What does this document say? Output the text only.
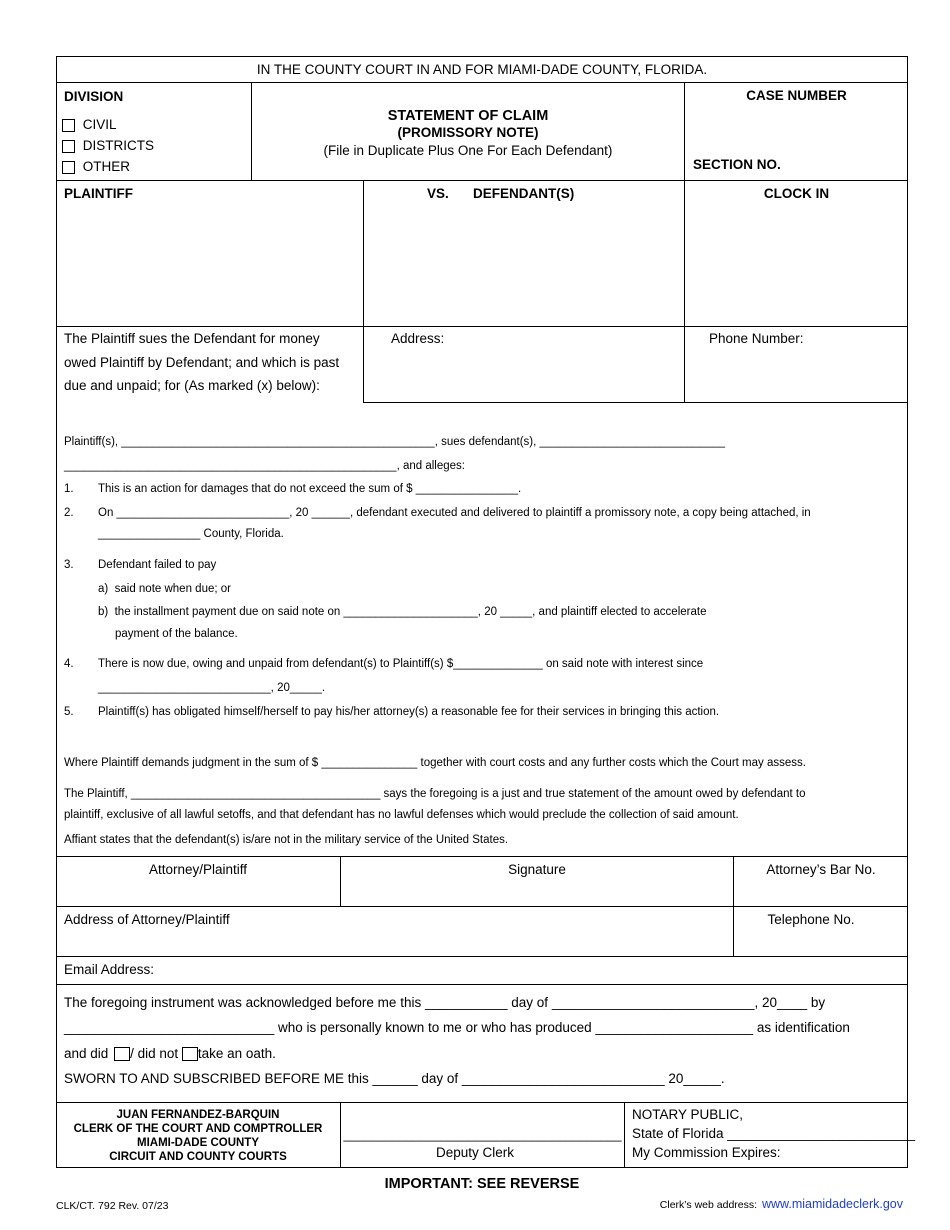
IN THE COUNTY COURT IN AND FOR MIAMI-DADE COUNTY, FLORIDA.
DIVISION
CIVIL
DISTRICTS
OTHER
STATEMENT OF CLAIM
(PROMISSORY NOTE)
(File in Duplicate Plus One For Each Defendant)
CASE NUMBER
SECTION NO.
PLAINTIFF	VS. DEFENDANT(S)	CLOCK IN
The Plaintiff sues the Defendant for money
owed Plaintiff by Defendant; and which is past
due and unpaid; for (As marked (x) below):
Address:	Phone Number:
Plaintiff(s), _________________________________________________, sues defendant(s), _____________________________
____________________________________________________, and alleges:
1. This is an action for damages that do not exceed the sum of $ ________________.
2. On ___________________________, 20 ______, defendant executed and delivered to plaintiff a promissory note, a copy being attached, in
________________ County, Florida.
3. Defendant failed to pay
a)  said note when due; or
b)  the installment payment due on said note on _____________________, 20 _____, and plaintiff elected to accelerate
payment of the balance.
4. There is now due, owing and unpaid from defendant(s) to Plaintiff(s) $______________ on said note with interest since
___________________________, 20_____.
5. Plaintiff(s) has obligated himself/herself to pay his/her attorney(s) a reasonable fee for their services in bringing this action.
Where Plaintiff demands judgment in the sum of $ _______________ together with court costs and any further costs which the Court may assess.
The Plaintiff, _______________________________________ says the foregoing is a just and true statement of the amount owed by defendant to
plaintiff, exclusive of all lawful setoffs, and that defendant has no lawful defenses which would preclude the collection of said amount.
Affiant states that the defendant(s) is/are not in the military service of the United States.
Attorney/Plaintiff	Signature	Attorney’s Bar No.
Address of Attorney/Plaintiff	Telephone No.
Email Address:
The foregoing instrument was acknowledged before me this ___________ day of ___________________________, 20____ by
____________________________ who is personally known to me or who has produced _____________________ as identification
and did / did not take an oath.
SWORN TO AND SUBSCRIBED BEFORE ME this ______ day of ___________________________ 20_____.
JUAN FERNANDEZ-BARQUIN
CLERK OF THE COURT AND COMPTROLLER
MIAMI-DADE COUNTY
CIRCUIT AND COUNTY COURTS
________________________________________
Deputy Clerk
NOTARY PUBLIC,
State of Florida _________________________
My Commission Expires:
IMPORTANT: SEE REVERSE
CLK/CT. 792 Rev. 07/23	Clerk’s web address: www.miamidadeclerk.gov
